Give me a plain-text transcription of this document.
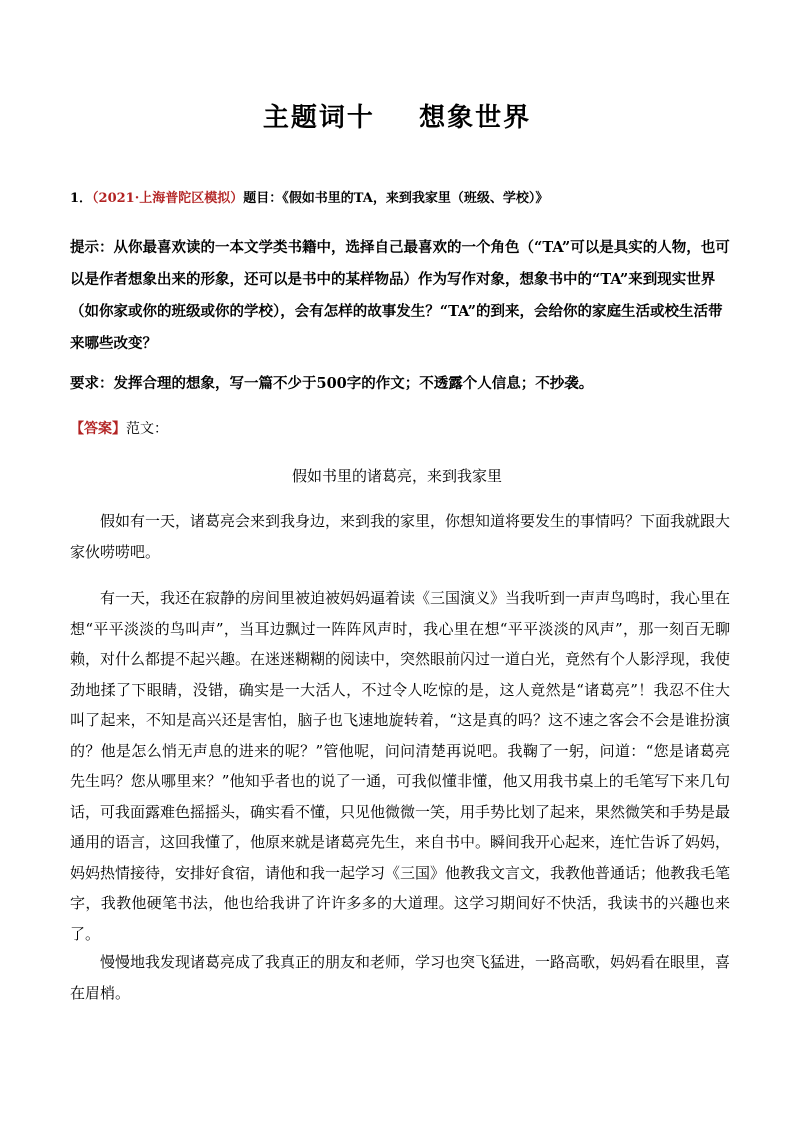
主题词十    想象世界
1．（2021·上海普陀区模拟）题目：《假如书里的TA，来到我家里（班级、学校）》
提示：从你最喜欢读的一本文学类书籍中，选择自己最喜欢的一个角色（“TA”可以是具实的人物，也可以是作者想象出来的形象，还可以是书中的某样物品）作为写作对象，想象书中的“TA”来到现实世界（如你家或你的班级或你的学校），会有怎样的故事发生？“TA”的到来，会给你的家庭生活或校生活带来哪些改变？
要求：发挥合理的想象，写一篇不少于500字的作文；不透露个人信息；不抄袭。
【答案】范文：
假如书里的诸葛亮，来到我家里
假如有一天，诸葛亮会来到我身边，来到我的家里，你想知道将要发生的事情吗？下面我就跟大家伙唠唠吧。
有一天，我还在寂静的房间里被迫被妈妈逼着读《三国演义》当我听到一声声鸟鸣时，我心里在想“平平淡淡的鸟叫声”，当耳边飘过一阵阵风声时，我心里在想“平平淡淡的风声”，那一刻百无聊赖，对什么都提不起兴趣。在迷迷糊糊的阅读中，突然眼前闪过一道白光，竟然有个人影浮现，我使劲地揉了下眼睛，没错，确实是一大活人，不过令人吃惊的是，这人竟然是“诸葛亮”！我忍不住大叫了起来，不知是高兴还是害怕，脑子也飞速地旋转着，“这是真的吗？这不速之客会不会是谁扮演的？他是怎么悄无声息的进来的呢？”管他呢，问问清楚再说吧。我鞠了一躬，问道：“您是诸葛亮先生吗？您从哪里来？”他知乎者也的说了一通，可我似懂非懂，他又用我书桌上的毛笔写下来几句话，可我面露难色摇摇头，确实看不懂，只见他微微一笑，用手势比划了起来，果然微笑和手势是最通用的语言，这回我懂了，他原来就是诸葛亮先生，来自书中。瞬间我开心起来，连忙告诉了妈妈，妈妈热情接待，安排好食宿，请他和我一起学习《三国》他教我文言文，我教他普通话；他教我毛笔字，我教他硬笔书法，他也给我讲了许许多多的大道理。这学习期间好不快活，我读书的兴趣也来了。
慢慢地我发现诸葛亮成了我真正的朋友和老师，学习也突飞猛进，一路高歌，妈妈看在眼里，喜在眉梢。
